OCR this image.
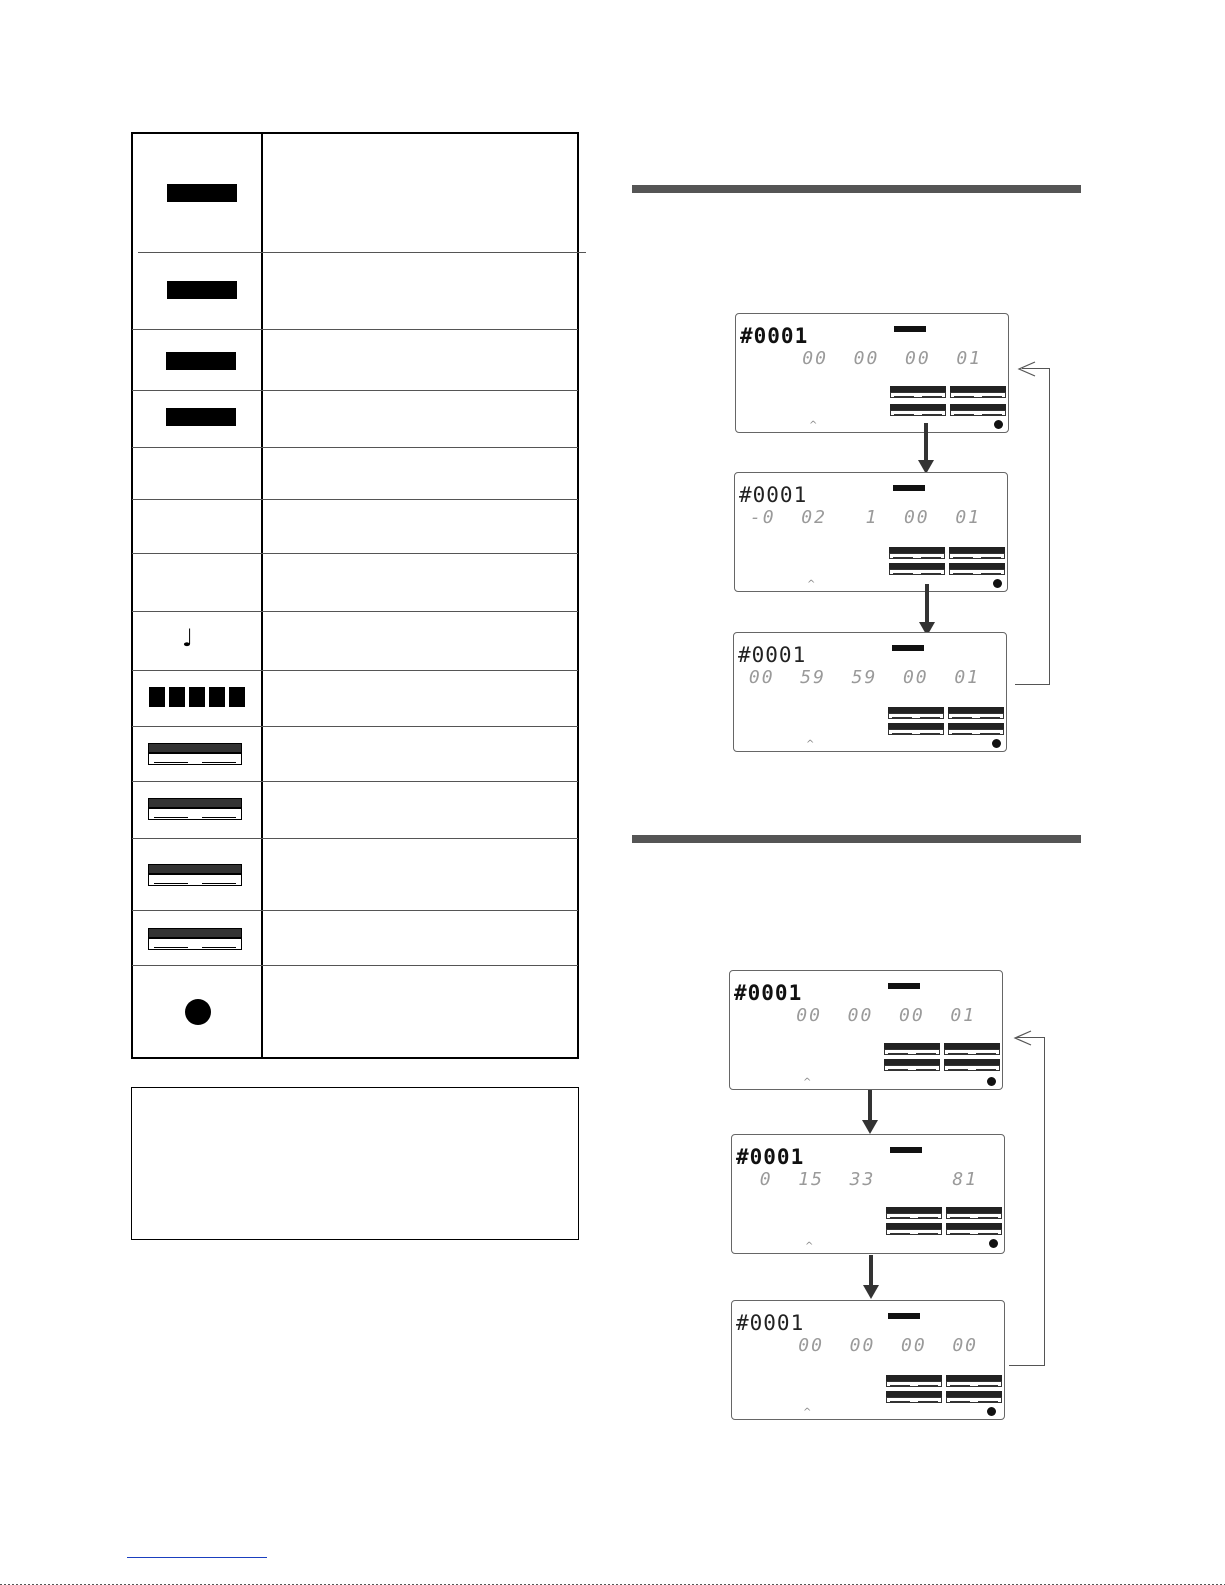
♩
#0001
00  00  00  01
^
#0001
-0  02   1  00  01
^
#0001
00  59  59  00  01
^
#0001
00  00  00  01
^
#0001
0  15  33      81
^
#0001
00  00  00  00
^
